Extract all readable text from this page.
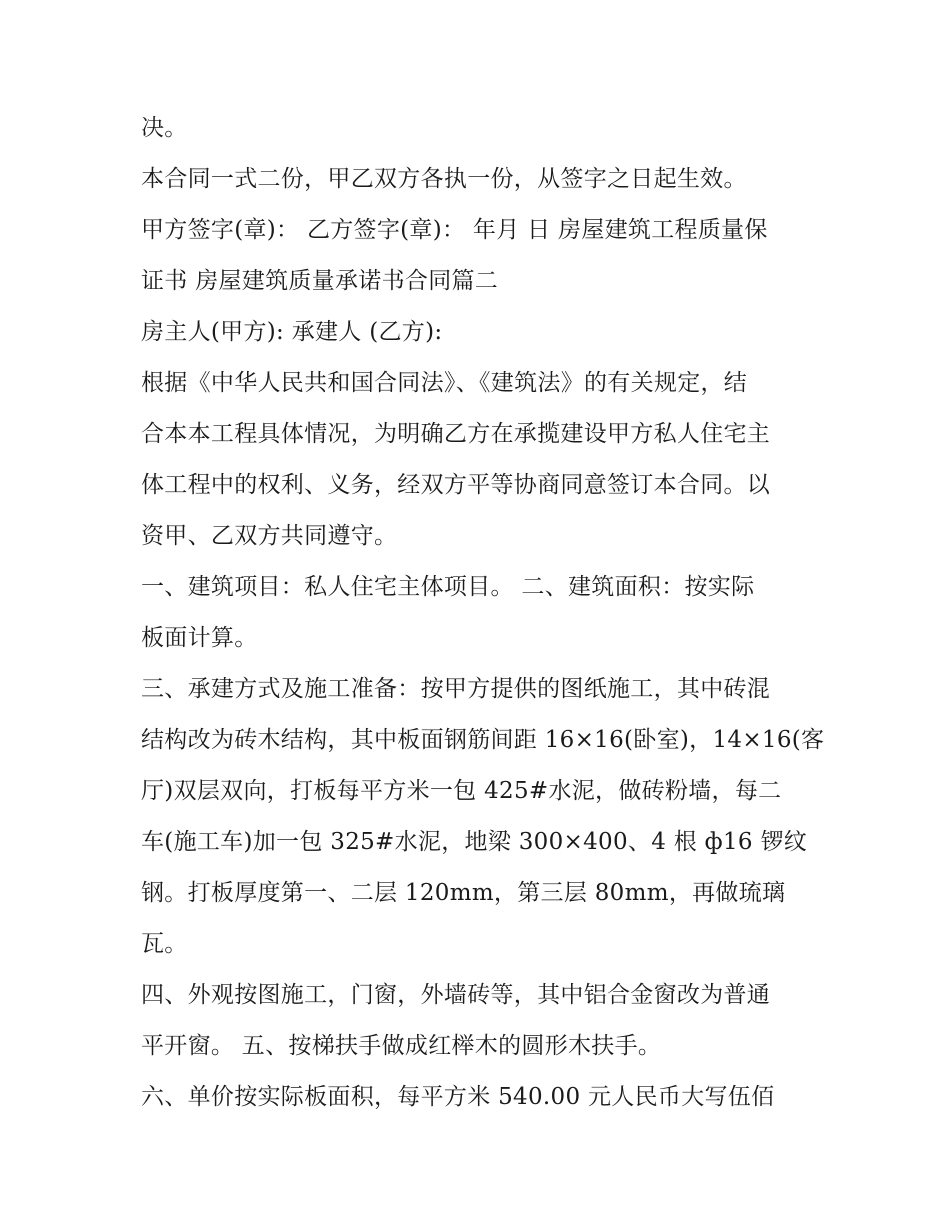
决。
本合同一式二份，甲乙双方各执一份，从签字之日起生效。
甲方签字(章)： 乙方签字(章)： 年月 日 房屋建筑工程质量保
证书 房屋建筑质量承诺书合同篇二
房主人(甲方): 承建人 (乙方):
根据《中华人民共和国合同法》、《建筑法》的有关规定，结
合本本工程具体情况，为明确乙方在承揽建设甲方私人住宅主
体工程中的权利、义务，经双方平等协商同意签订本合同。以
资甲、乙双方共同遵守。
一、建筑项目：私人住宅主体项目。 二、建筑面积：按实际
板面计算。
三、承建方式及施工准备：按甲方提供的图纸施工，其中砖混
结构改为砖木结构，其中板面钢筋间距 16×16(卧室)，14×16(客
厅)双层双向，打板每平方米一包 425#水泥，做砖粉墙，每二
车(施工车)加一包 325#水泥，地梁 300×400、4 根 ф16 锣纹
钢。打板厚度第一、二层 120mm，第三层 80mm，再做琉璃
瓦。
四、外观按图施工，门窗，外墙砖等，其中铝合金窗改为普通
平开窗。 五、按梯扶手做成红榉木的圆形木扶手。
六、单价按实际板面积，每平方米 540.00 元人民币大写伍佰
